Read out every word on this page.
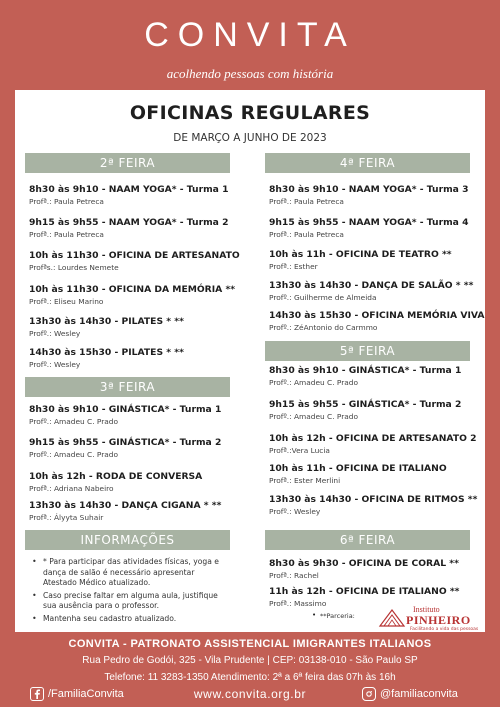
CONVITA
acolhendo pessoas com história
OFICINAS REGULARES
DE MARÇO A JUNHO DE 2023
2ª FEIRA
8h30 às 9h10 - NAAM YOGA* - Turma 1
Profª.: Paula Petreca
9h15 às 9h55 - NAAM YOGA* - Turma 2
Profª.: Paula Petreca
10h às 11h30 - OFICINA DE ARTESANATO
Profªs.: Lourdes Nemete
10h às 11h30 - OFICINA DA MEMÓRIA **
Profª.: Eliseu Marino
13h30 às 14h30 - PILATES * **
Profº.: Wesley
14h30 às 15h30 - PILATES * **
Profº.: Wesley
3ª FEIRA
8h30 às 9h10 - GINÁSTICA* - Turma 1
Profº.: Amadeu C. Prado
9h15 às 9h55 - GINÁSTICA* - Turma 2
Profº.: Amadeu C. Prado
10h às 12h - RODA DE CONVERSA
Profª.: Adriana Nabeiro
13h30 às 14h30 - DANÇA CIGANA * **
Profª.: Ályyta Suhair
INFORMAÇÕES
• * Para participar das atividades físicas, yoga e dança de salão é necessário apresentar Atestado Médico atualizado.
• Caso precise faltar em alguma aula, justifique sua ausência para o professor.
• Mantenha seu cadastro atualizado.
4ª FEIRA
8h30 às 9h10 - NAAM YOGA* - Turma 3
Profª.: Paula Petreca
9h15 às 9h55 - NAAM YOGA* - Turma 4
Profª.: Paula Petreca
10h às 11h - OFICINA DE TEATRO **
Profª.: Esther
13h30 às 14h30 - DANÇA DE SALÃO * **
Profº.: Guilherme de Almeida
14h30 às 15h30 - OFICINA MEMÓRIA VIVA
Profº.: ZéAntonio do Carmmo
5ª FEIRA
8h30 às 9h10 - GINÁSTICA* - Turma 1
Profº.: Amadeu C. Prado
9h15 às 9h55 - GINÁSTICA* - Turma 2
Profº.: Amadeu C. Prado
10h às 12h - OFICINA DE ARTESANATO 2
Profª.:Vera Lucia
10h às 11h - OFICINA DE ITALIANO
Profª.: Ester Merlini
13h30 às 14h30 - OFICINA DE RITMOS **
Profº.: Wesley
6ª FEIRA
8h30 às 9h30 - OFICINA DE CORAL **
Profª.: Rachel
11h às 12h - OFICINA DE ITALIANO **
Profª.: Massimo
• **Parceria:
Instituto
PINHEIRO
Facilitando a vida das pessoas
CONVITA - PATRONATO ASSISTENCIAL IMIGRANTES ITALIANOS
Rua Pedro de Godói, 325 - Vila Prudente | CEP: 03138-010 - São Paulo SP
Telefone: 11 3283-1350 Atendimento: 2ª a 6ª feira das 07h às 16h
/FamiliaConvita	www.convita.org.br	@familiaconvita
